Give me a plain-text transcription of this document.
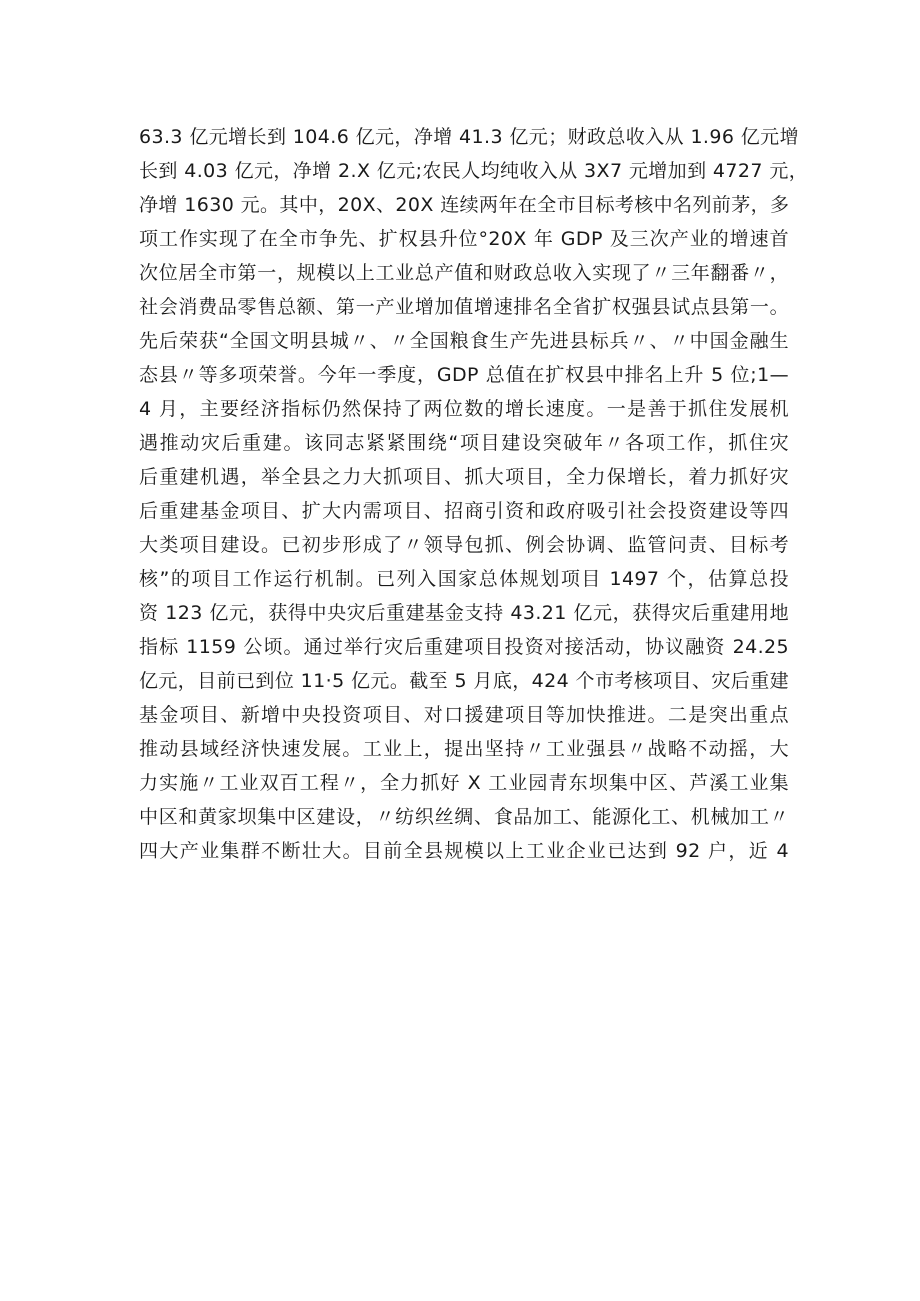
63.3 亿元增长到 104.6 亿元，净增 41.3 亿元；财政总收入从 1.96 亿元增
长到 4.03 亿元，净增 2.X 亿元;农民人均纯收入从 3X7 元增加到 4727 元，
净增 1630 元。其中，20X、20X 连续两年在全市目标考核中名列前茅，多
项工作实现了在全市争先、扩权县升位°20X 年 GDP 及三次产业的增速首
次位居全市第一，规模以上工业总产值和财政总收入实现了〃三年翻番〃，
社会消费品零售总额、第一产业增加值增速排名全省扩权强县试点县第一。
先后荣获“全国文明县城〃、〃全国粮食生产先进县标兵〃、〃中国金融生
态县〃等多项荣誉。今年一季度，GDP 总值在扩权县中排名上升 5 位;1—
4 月，主要经济指标仍然保持了两位数的增长速度。一是善于抓住发展机
遇推动灾后重建。该同志紧紧围绕“项目建设突破年〃各项工作，抓住灾
后重建机遇，举全县之力大抓项目、抓大项目，全力保增长，着力抓好灾
后重建基金项目、扩大内需项目、招商引资和政府吸引社会投资建设等四
大类项目建设。已初步形成了〃领导包抓、例会协调、监管问责、目标考
核”的项目工作运行机制。已列入国家总体规划项目 1497 个，估算总投
资 123 亿元，获得中央灾后重建基金支持 43.21 亿元，获得灾后重建用地
指标 1159 公顷。通过举行灾后重建项目投资对接活动，协议融资 24.25
亿元，目前已到位 11·5 亿元。截至 5 月底，424 个市考核项目、灾后重建
基金项目、新增中央投资项目、对口援建项目等加快推进。二是突出重点
推动县域经济快速发展。工业上，提出坚持〃工业强县〃战略不动摇，大
力实施〃工业双百工程〃，全力抓好 X 工业园青东坝集中区、芦溪工业集
中区和黄家坝集中区建设，〃纺织丝绸、食品加工、能源化工、机械加工〃
四大产业集群不断壮大。目前全县规模以上工业企业已达到 92 户，近 4
